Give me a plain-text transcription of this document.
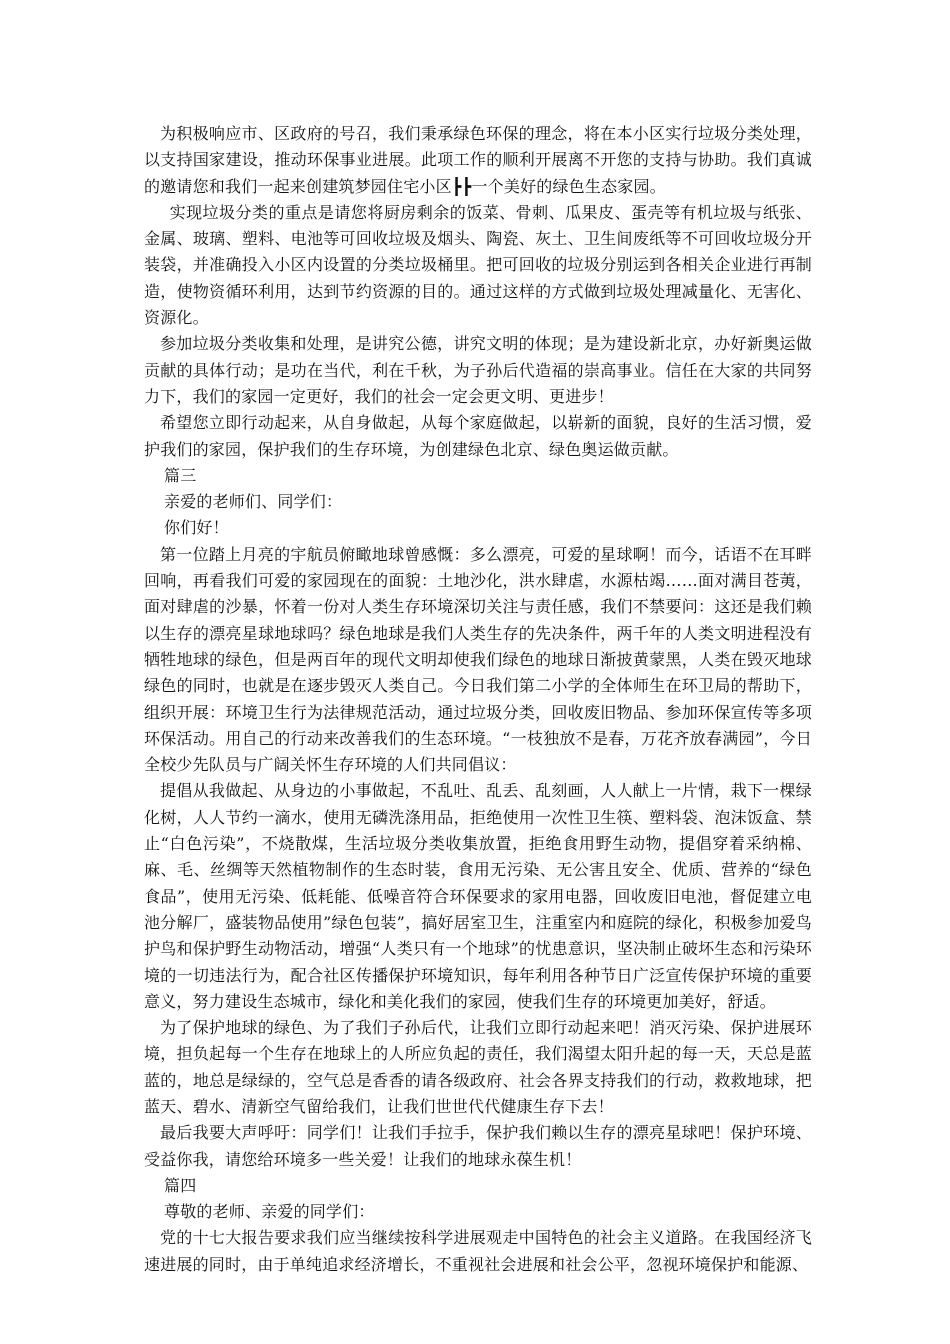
为积极响应市、区政府的号召，我们秉承绿色环保的理念，将在本小区实行垃圾分类处理，以支持国家建设，推动环保事业进展。此项工作的顺利开展离不开您的支持与协助。我们真诚的邀请您和我们一起来创建筑梦园住宅小区┣┣一个美好的绿色生态家园。

实现垃圾分类的重点是请您将厨房剩余的饭菜、骨刺、瓜果皮、蛋壳等有机垃圾与纸张、金属、玻璃、塑料、电池等可回收垃圾及烟头、陶瓷、灰土、卫生间废纸等不可回收垃圾分开装袋，并准确投入小区内设置的分类垃圾桶里。把可回收的垃圾分别运到各相关企业进行再制造，使物资循环利用，达到节约资源的目的。通过这样的方式做到垃圾处理减量化、无害化、资源化。

参加垃圾分类收集和处理，是讲究公德，讲究文明的体现；是为建设新北京，办好新奥运做贡献的具体行动；是功在当代，利在千秋，为子孙后代造福的崇高事业。信任在大家的共同努力下，我们的家园一定更好，我们的社会一定会更文明、更进步！

希望您立即行动起来，从自身做起，从每个家庭做起，以崭新的面貌，良好的生活习惯，爱护我们的家园，保护我们的生存环境，为创建绿色北京、绿色奥运做贡献。

篇三

亲爱的老师们、同学们：

你们好！

第一位踏上月亮的宇航员俯瞰地球曾感慨：多么漂亮，可爱的星球啊！而今，话语不在耳畔回响，再看我们可爱的家园现在的面貌：土地沙化，洪水肆虐，水源枯竭……面对满目苍荑，面对肆虐的沙暴，怀着一份对人类生存环境深切关注与责任感，我们不禁要问：这还是我们赖以生存的漂亮星球地球吗？绿色地球是我们人类生存的先决条件，两千年的人类文明进程没有牺牲地球的绿色，但是两百年的现代文明却使我们绿色的地球日渐披黄蒙黑，人类在毁灭地球绿色的同时，也就是在逐步毁灭人类自己。今日我们第二小学的全体师生在环卫局的帮助下，组织开展：环境卫生行为法律规范活动，通过垃圾分类，回收废旧物品、参加环保宣传等多项环保活动。用自己的行动来改善我们的生态环境。“一枝独放不是春，万花齐放春满园”，今日全校少先队员与广阔关怀生存环境的人们共同倡议：

提倡从我做起、从身边的小事做起，不乱吐、乱丢、乱刻画，人人献上一片情，栽下一棵绿化树，人人节约一滴水，使用无磷洗涤用品，拒绝使用一次性卫生筷、塑料袋、泡沫饭盒、禁止“白色污染”，不烧散煤，生活垃圾分类收集放置，拒绝食用野生动物，提倡穿着采纳棉、麻、毛、丝绸等天然植物制作的生态时装，食用无污染、无公害且安全、优质、营养的“绿色食品”，使用无污染、低耗能、低噪音符合环保要求的家用电器，回收废旧电池，督促建立电池分解厂，盛装物品使用”绿色包装”，搞好居室卫生，注重室内和庭院的绿化，积极参加爱鸟护鸟和保护野生动物活动，增强“人类只有一个地球”的忧患意识，坚决制止破坏生态和污染环境的一切违法行为，配合社区传播保护环境知识，每年利用各种节日广泛宣传保护环境的重要意义，努力建设生态城市，绿化和美化我们的家园，使我们生存的环境更加美好，舒适。

为了保护地球的绿色、为了我们子孙后代，让我们立即行动起来吧！消灭污染、保护进展环境，担负起每一个生存在地球上的人所应负起的责任，我们渴望太阳升起的每一天，天总是蓝蓝的，地总是绿绿的，空气总是香香的请各级政府、社会各界支持我们的行动，救救地球，把蓝天、碧水、清新空气留给我们，让我们世世代代健康生存下去！

最后我要大声呼吁：同学们！让我们手拉手，保护我们赖以生存的漂亮星球吧！保护环境、受益你我，请您给环境多一些关爱！让我们的地球永葆生机！

篇四

尊敬的老师、亲爱的同学们：

党的十七大报告要求我们应当继续按科学进展观走中国特色的社会主义道路。在我国经济飞速进展的同时，由于单纯追求经济增长，不重视社会进展和社会公平，忽视环境保护和能源、
